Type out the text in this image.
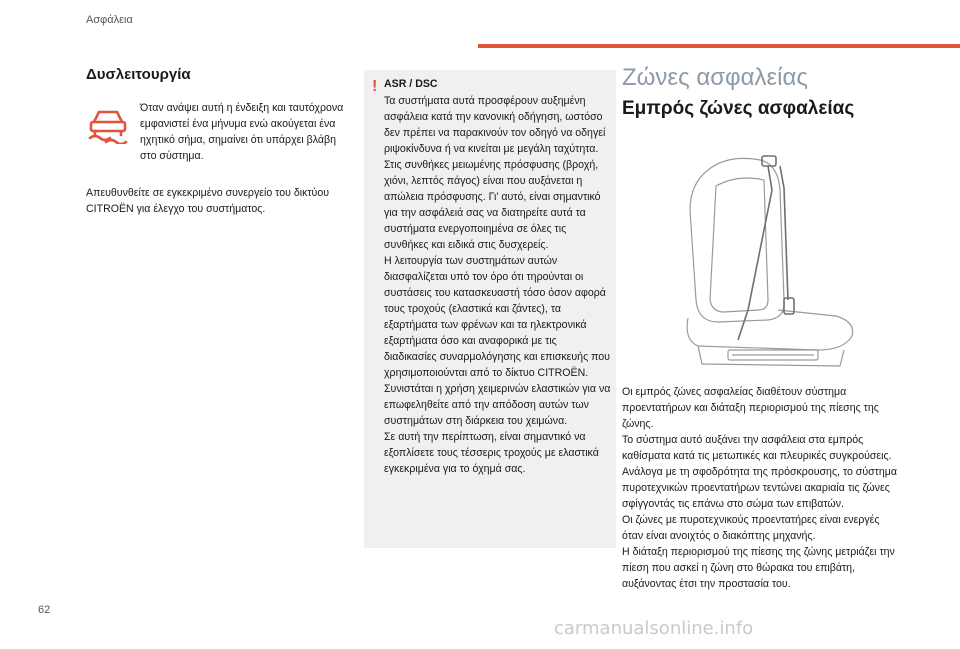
Ασφάλεια
Δυσλειτουργία
Όταν ανάψει αυτή η ένδειξη και ταυτόχρονα εμφανιστεί ένα μήνυμα ενώ ακούγεται ένα ηχητικό σήμα, σημαίνει ότι υπάρχει βλάβη στο σύστημα.
Απευθυνθείτε σε εγκεκριμένο συνεργείο του δικτύου CITROËN για έλεγχο του συστήματος.
! ASR / DSC

Τα συστήματα αυτά προσφέρουν αυξημένη ασφάλεια κατά την κανονική οδήγηση, ωστόσο δεν πρέπει να παρακινούν τον οδηγό να οδηγεί ριψοκίνδυνα ή να κινείται με μεγάλη ταχύτητα.

Στις συνθήκες μειωμένης πρόσφυσης (βροχή, χιόνι, λεπτός πάγος) είναι που αυξάνεται η απώλεια πρόσφυσης. Γι' αυτό, είναι σημαντικό για την ασφάλειά σας να διατηρείτε αυτά τα συστήματα ενεργοποιημένα σε όλες τις συνθήκες και ειδικά στις δυσχερείς.

Η λειτουργία των συστημάτων αυτών διασφαλίζεται υπό τον όρο ότι τηρούνται οι συστάσεις του κατασκευαστή τόσο όσον αφορά τους τροχούς (ελαστικά και ζάντες), τα εξαρτήματα των φρένων και τα ηλεκτρονικά εξαρτήματα όσο και αναφορικά με τις διαδικασίες συναρμολόγησης και επισκευής που χρησιμοποιούνται από το δίκτυο CITROËN.

Συνιστάται η χρήση χειμερινών ελαστικών για να επωφεληθείτε από την απόδοση αυτών των συστημάτων στη διάρκεια του χειμώνα.

Σε αυτή την περίπτωση, είναι σημαντικό να εξοπλίσετε τους τέσσερις τροχούς με ελαστικά εγκεκριμένα για το όχημά σας.

Ζώνες ασφαλείας
Εμπρός ζώνες ασφαλείας

Οι εμπρός ζώνες ασφαλείας διαθέτουν σύστημα προεντατήρων και διάταξη περιορισμού της πίεσης της ζώνης.

Το σύστημα αυτό αυξάνει την ασφάλεια στα εμπρός καθίσματα κατά τις μετωπικές και πλευρικές συγκρούσεις. Ανάλογα με τη σφοδρότητα της πρόσκρουσης, το σύστημα πυροτεχνικών προεντατήρων τεντώνει ακαριαία τις ζώνες σφίγγοντάς τις επάνω στο σώμα των επιβατών.

Οι ζώνες με πυροτεχνικούς προεντατήρες είναι ενεργές όταν είναι ανοιχτός ο διακόπτης μηχανής.

Η διάταξη περιορισμού της πίεσης της ζώνης μετριάζει την πίεση που ασκεί η ζώνη στο θώρακα του επιβάτη, αυξάνοντας έτσι την προστασία του.

62
carmanualsonline.info
